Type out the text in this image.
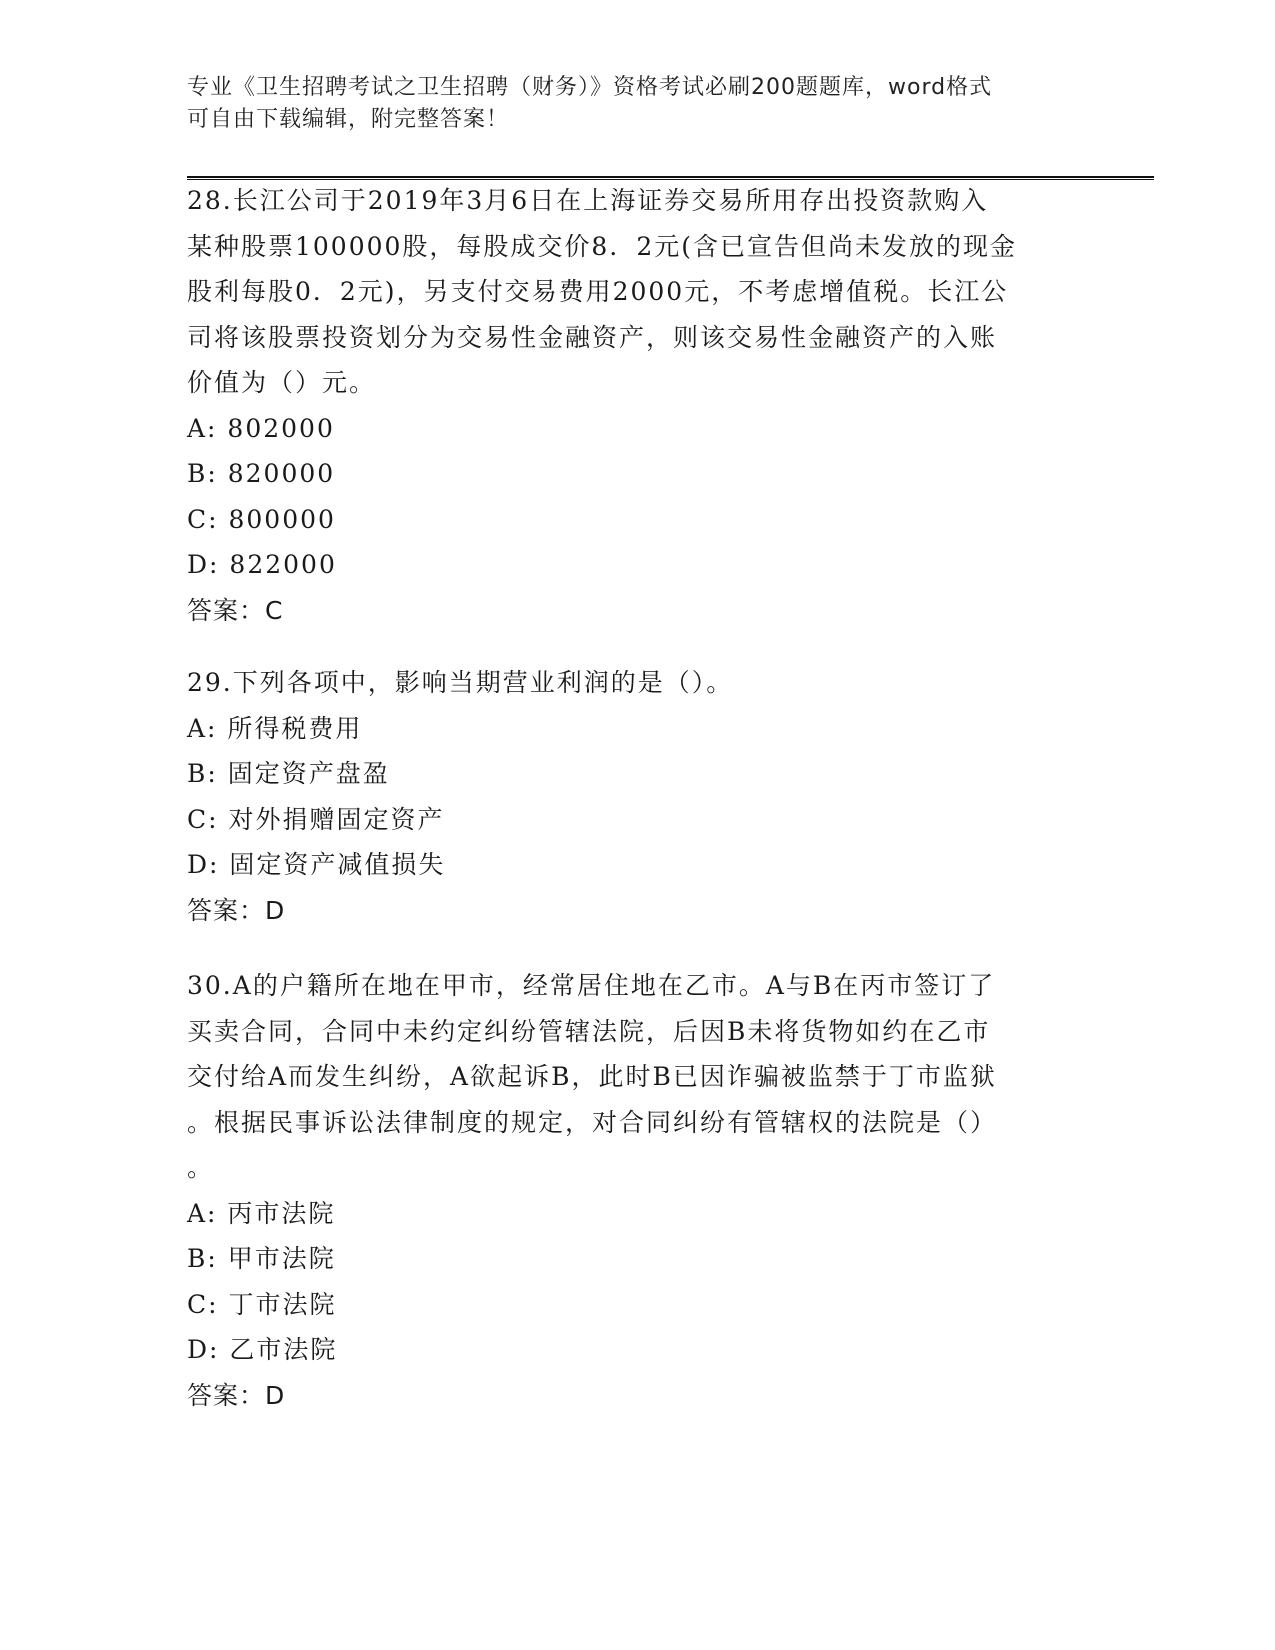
专业《卫生招聘考试之卫生招聘（财务）》资格考试必刷200题题库，word格式
可自由下载编辑，附完整答案！
28.长江公司于2019年3月6日在上海证券交易所用存出投资款购入
某种股票100000股，每股成交价8．2元(含已宣告但尚未发放的现金
股利每股0．2元)，另支付交易费用2000元，不考虑增值税。长江公
司将该股票投资划分为交易性金融资产，则该交易性金融资产的入账
价值为（）元。
A: 802000
B: 820000
C: 800000
D: 822000
答案：C
29.下列各项中，影响当期营业利润的是（）。
A: 所得税费用
B: 固定资产盘盈
C: 对外捐赠固定资产
D: 固定资产减值损失
答案：D
30.A的户籍所在地在甲市，经常居住地在乙市。A与B在丙市签订了
买卖合同，合同中未约定纠纷管辖法院，后因B未将货物如约在乙市
交付给A而发生纠纷，A欲起诉B，此时B已因诈骗被监禁于丁市监狱
。根据民事诉讼法律制度的规定，对合同纠纷有管辖权的法院是（）
。
A: 丙市法院
B: 甲市法院
C: 丁市法院
D: 乙市法院
答案：D
